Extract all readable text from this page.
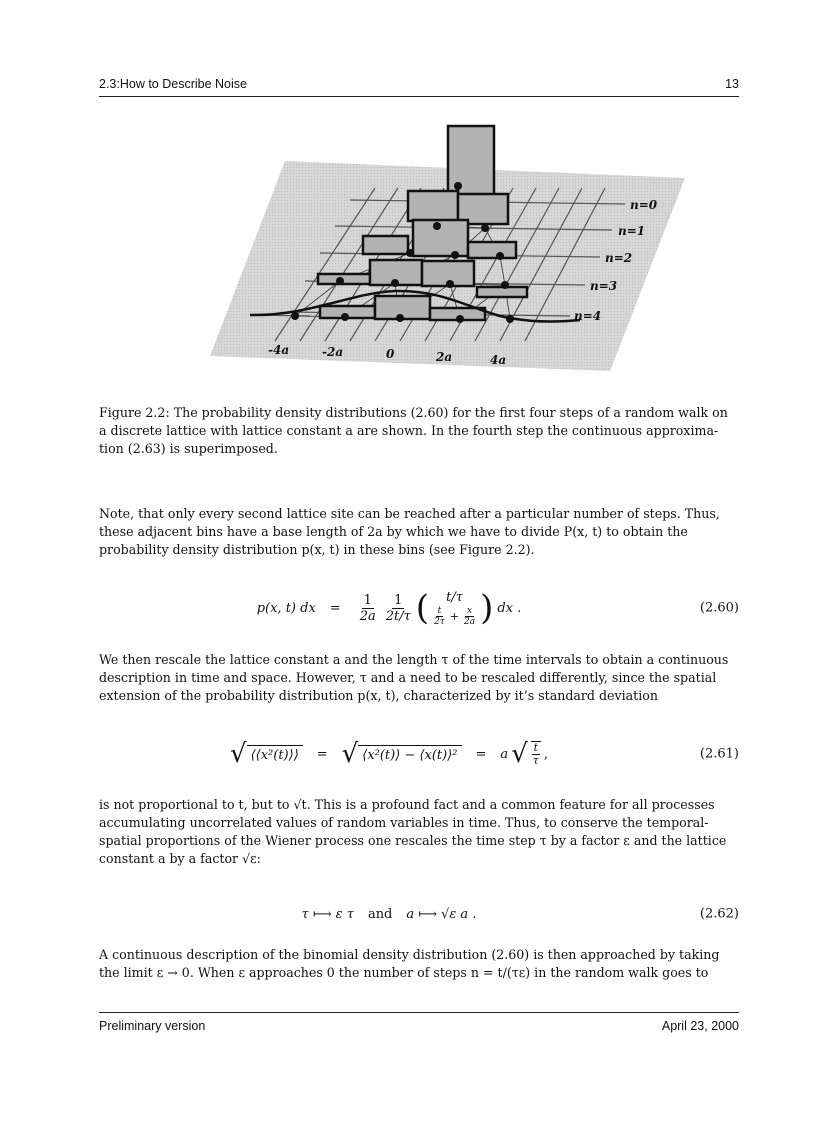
2.3:How to Describe Noise	13
n=0
n=1
n=2
n=3
n=4
-4a	-2a	0	2a	4a
Figure 2.2: The probability density distributions (2.60) for the first four steps of a random walk on
a discrete lattice with lattice constant a are shown. In the fourth step the continuous approxima-
tion (2.63) is superimposed.
Note, that only every second lattice site can be reached after a particular number of steps. Thus,
these adjacent bins have a base length of 2a by which we have to divide P(x, t) to obtain the
probability density distribution p(x, t) in these bins (see Figure 2.2).
p(x, t) dx = $\frac{1}{2a} \frac{1}{2t/\tau}$ ( t/τ
$\frac{t}{2\tau} + \frac{x}{2a}$ ) dx .	(2.60)
We then rescale the lattice constant a and the length τ of the time intervals to obtain a continuous
description in time and space. However, τ and a need to be rescaled differently, since the spatial
extension of the probability distribution p(x, t), characterized by it’s standard deviation
√ ⟨⟨x²(t)⟩⟩	= √ ⟨x²(t)⟩ − ⟨x(t)⟩²	= a √ $\frac{t}{\tau}$ ,	(2.61)
is not proportional to t, but to √t. This is a profound fact and a common feature for all processes
accumulating uncorrelated values of random variables in time. Thus, to conserve the temporal-
spatial proportions of the Wiener process one rescales the time step τ by a factor ε and the lattice
constant a by a factor √ε:
τ ⟼ ε τ and a ⟼ √ε a .	(2.62)
A continuous description of the binomial density distribution (2.60) is then approached by taking
the limit ε → 0. When ε approaches 0 the number of steps n = t/(τε) in the random walk goes to
Preliminary version	April 23, 2000
